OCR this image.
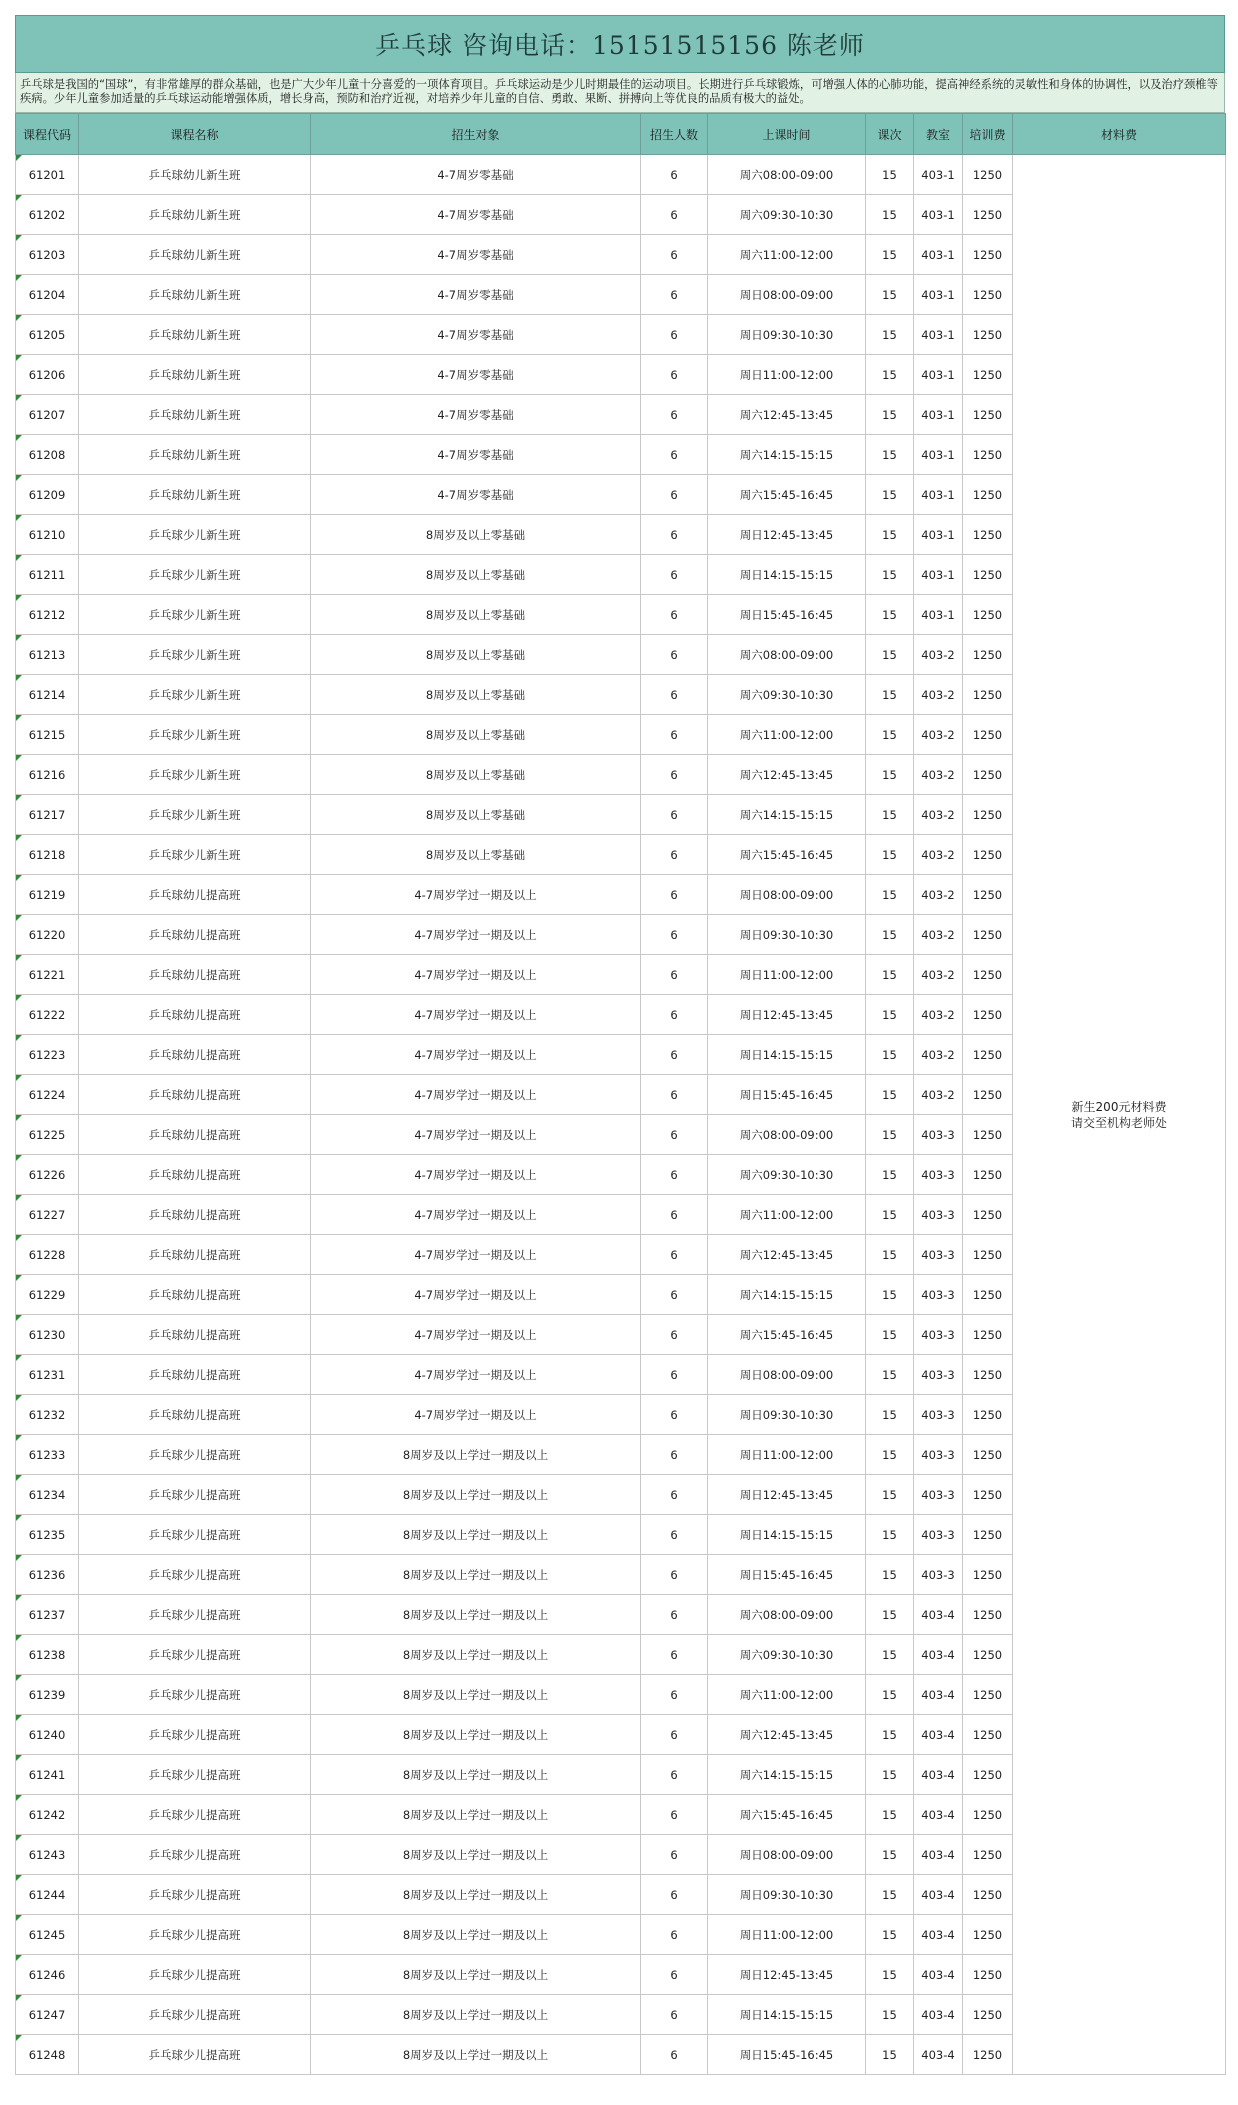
乒乓球 咨询电话：15151515156 陈老师
乒乓球是我国的“国球”，有非常雄厚的群众基础，也是广大少年儿童十分喜爱的一项体育项目。乒乓球运动是少儿时期最佳的运动项目。长期进行乒乓球锻炼，可增强人体的心肺功能，提高神经系统的灵敏性和身体的协调性，以及治疗颈椎等疾病。少年儿童参加适量的乒乓球运动能增强体质，增长身高，预防和治疗近视，对培养少年儿童的自信、勇敢、果断、拼搏向上等优良的品质有极大的益处。
课程代码	课程名称	招生对象	招生人数	上课时间	课次	教室	培训费	材料费
61201	乒乓球幼儿新生班	4-7周岁零基础	6	周六08:00-09:00	15	403-1	1250	新生200元材料费
请交至机构老师处

61202	乒乓球幼儿新生班	4-7周岁零基础	6	周六09:30-10:30	15	403-1	1250	
61203	乒乓球幼儿新生班	4-7周岁零基础	6	周六11:00-12:00	15	403-1	1250	
61204	乒乓球幼儿新生班	4-7周岁零基础	6	周日08:00-09:00	15	403-1	1250	
61205	乒乓球幼儿新生班	4-7周岁零基础	6	周日09:30-10:30	15	403-1	1250	
61206	乒乓球幼儿新生班	4-7周岁零基础	6	周日11:00-12:00	15	403-1	1250	
61207	乒乓球幼儿新生班	4-7周岁零基础	6	周六12:45-13:45	15	403-1	1250	
61208	乒乓球幼儿新生班	4-7周岁零基础	6	周六14:15-15:15	15	403-1	1250	
61209	乒乓球幼儿新生班	4-7周岁零基础	6	周六15:45-16:45	15	403-1	1250	
61210	乒乓球少儿新生班	8周岁及以上零基础	6	周日12:45-13:45	15	403-1	1250	
61211	乒乓球少儿新生班	8周岁及以上零基础	6	周日14:15-15:15	15	403-1	1250	
61212	乒乓球少儿新生班	8周岁及以上零基础	6	周日15:45-16:45	15	403-1	1250	
61213	乒乓球少儿新生班	8周岁及以上零基础	6	周六08:00-09:00	15	403-2	1250	
61214	乒乓球少儿新生班	8周岁及以上零基础	6	周六09:30-10:30	15	403-2	1250	
61215	乒乓球少儿新生班	8周岁及以上零基础	6	周六11:00-12:00	15	403-2	1250	
61216	乒乓球少儿新生班	8周岁及以上零基础	6	周六12:45-13:45	15	403-2	1250	
61217	乒乓球少儿新生班	8周岁及以上零基础	6	周六14:15-15:15	15	403-2	1250	
61218	乒乓球少儿新生班	8周岁及以上零基础	6	周六15:45-16:45	15	403-2	1250	
61219	乒乓球幼儿提高班	4-7周岁学过一期及以上	6	周日08:00-09:00	15	403-2	1250	
61220	乒乓球幼儿提高班	4-7周岁学过一期及以上	6	周日09:30-10:30	15	403-2	1250	
61221	乒乓球幼儿提高班	4-7周岁学过一期及以上	6	周日11:00-12:00	15	403-2	1250	
61222	乒乓球幼儿提高班	4-7周岁学过一期及以上	6	周日12:45-13:45	15	403-2	1250	
61223	乒乓球幼儿提高班	4-7周岁学过一期及以上	6	周日14:15-15:15	15	403-2	1250	
61224	乒乓球幼儿提高班	4-7周岁学过一期及以上	6	周日15:45-16:45	15	403-2	1250	
61225	乒乓球幼儿提高班	4-7周岁学过一期及以上	6	周六08:00-09:00	15	403-3	1250	
61226	乒乓球幼儿提高班	4-7周岁学过一期及以上	6	周六09:30-10:30	15	403-3	1250	
61227	乒乓球幼儿提高班	4-7周岁学过一期及以上	6	周六11:00-12:00	15	403-3	1250	
61228	乒乓球幼儿提高班	4-7周岁学过一期及以上	6	周六12:45-13:45	15	403-3	1250	
61229	乒乓球幼儿提高班	4-7周岁学过一期及以上	6	周六14:15-15:15	15	403-3	1250	
61230	乒乓球幼儿提高班	4-7周岁学过一期及以上	6	周六15:45-16:45	15	403-3	1250	
61231	乒乓球幼儿提高班	4-7周岁学过一期及以上	6	周日08:00-09:00	15	403-3	1250	
61232	乒乓球幼儿提高班	4-7周岁学过一期及以上	6	周日09:30-10:30	15	403-3	1250	
61233	乒乓球少儿提高班	8周岁及以上学过一期及以上	6	周日11:00-12:00	15	403-3	1250	
61234	乒乓球少儿提高班	8周岁及以上学过一期及以上	6	周日12:45-13:45	15	403-3	1250	
61235	乒乓球少儿提高班	8周岁及以上学过一期及以上	6	周日14:15-15:15	15	403-3	1250	
61236	乒乓球少儿提高班	8周岁及以上学过一期及以上	6	周日15:45-16:45	15	403-3	1250	
61237	乒乓球少儿提高班	8周岁及以上学过一期及以上	6	周六08:00-09:00	15	403-4	1250	
61238	乒乓球少儿提高班	8周岁及以上学过一期及以上	6	周六09:30-10:30	15	403-4	1250	
61239	乒乓球少儿提高班	8周岁及以上学过一期及以上	6	周六11:00-12:00	15	403-4	1250	
61240	乒乓球少儿提高班	8周岁及以上学过一期及以上	6	周六12:45-13:45	15	403-4	1250	
61241	乒乓球少儿提高班	8周岁及以上学过一期及以上	6	周六14:15-15:15	15	403-4	1250	
61242	乒乓球少儿提高班	8周岁及以上学过一期及以上	6	周六15:45-16:45	15	403-4	1250	
61243	乒乓球少儿提高班	8周岁及以上学过一期及以上	6	周日08:00-09:00	15	403-4	1250	
61244	乒乓球少儿提高班	8周岁及以上学过一期及以上	6	周日09:30-10:30	15	403-4	1250	
61245	乒乓球少儿提高班	8周岁及以上学过一期及以上	6	周日11:00-12:00	15	403-4	1250	
61246	乒乓球少儿提高班	8周岁及以上学过一期及以上	6	周日12:45-13:45	15	403-4	1250	
61247	乒乓球少儿提高班	8周岁及以上学过一期及以上	6	周日14:15-15:15	15	403-4	1250	
61248	乒乓球少儿提高班	8周岁及以上学过一期及以上	6	周日15:45-16:45	15	403-4	1250	
